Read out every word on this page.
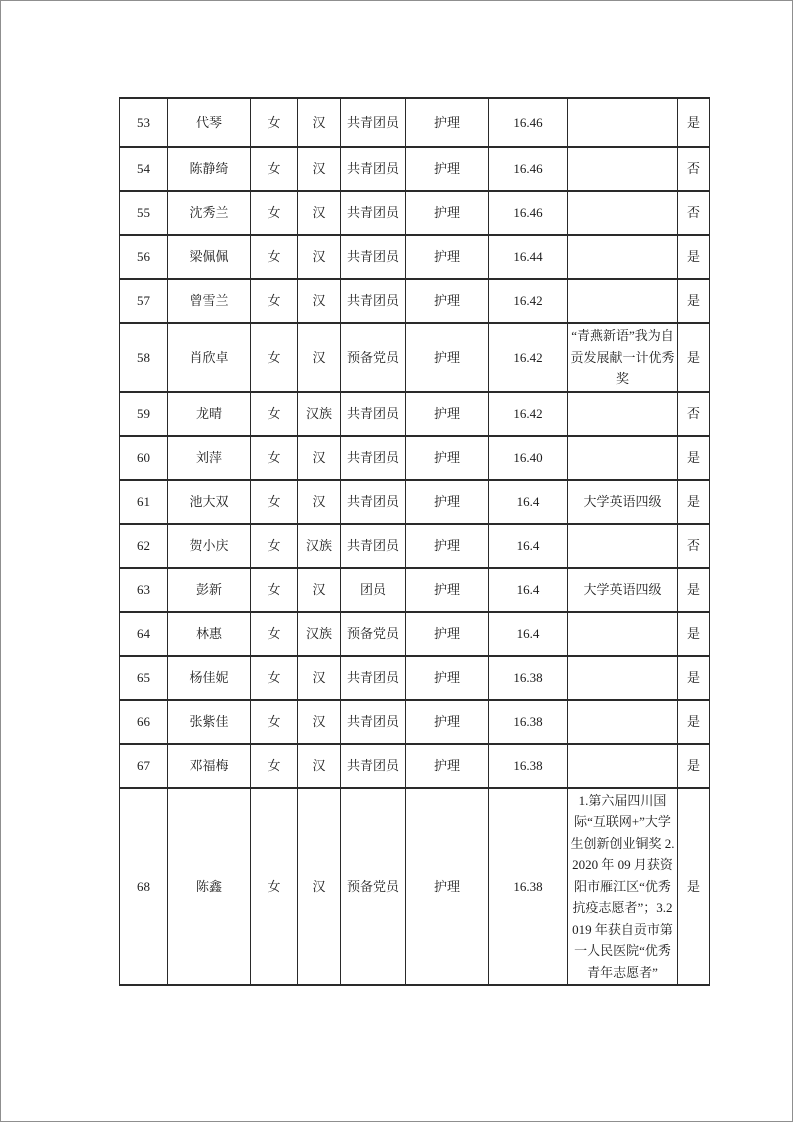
53	代琴	女	汉	共青团员	护理	16.46		是
54	陈静绮	女	汉	共青团员	护理	16.46		否
55	沈秀兰	女	汉	共青团员	护理	16.46		否
56	梁佩佩	女	汉	共青团员	护理	16.44		是
57	曾雪兰	女	汉	共青团员	护理	16.42		是
58	肖欣卓	女	汉	预备党员	护理	16.42	“青燕新语”我为自贡发展献一计优秀奖	是
59	龙晴	女	汉族	共青团员	护理	16.42		否
60	刘萍	女	汉	共青团员	护理	16.40		是
61	池大双	女	汉	共青团员	护理	16.4	大学英语四级	是
62	贺小庆	女	汉族	共青团员	护理	16.4		否
63	彭新	女	汉	团员	护理	16.4	大学英语四级	是
64	林惠	女	汉族	预备党员	护理	16.4		是
65	杨佳妮	女	汉	共青团员	护理	16.38		是
66	张紫佳	女	汉	共青团员	护理	16.38		是
67	邓福梅	女	汉	共青团员	护理	16.38		是
68	陈鑫	女	汉	预备党员	护理	16.38	1.第六届四川国际“互联网+”大学生创新创业铜奖 2.2020 年 09 月获资阳市雁江区“优秀抗疫志愿者”；3.2019 年获自贡市第一人民医院“优秀青年志愿者”	是
